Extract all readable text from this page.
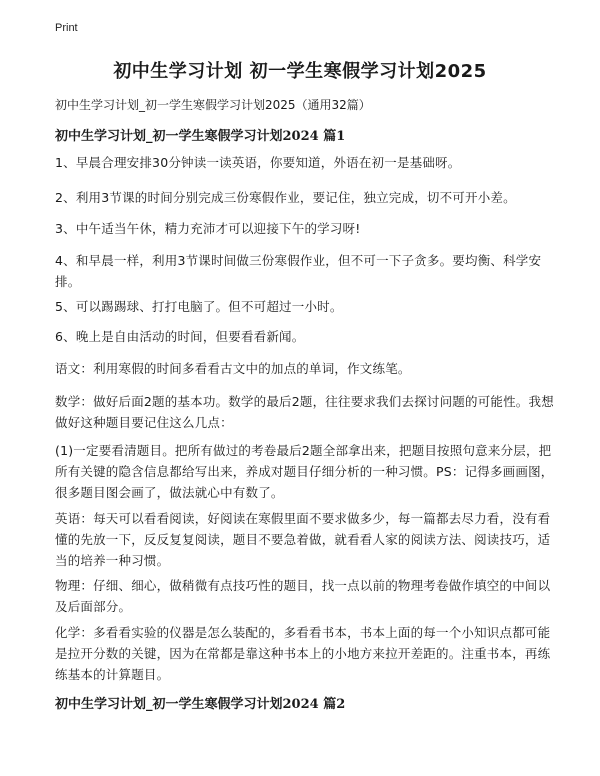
Print
初中生学习计划 初一学生寒假学习计划2025
初中生学习计划_初一学生寒假学习计划2025（通用32篇）
初中生学习计划_初一学生寒假学习计划2024 篇1

1、早晨合理安排30分钟读一读英语，你要知道，外语在初一是基础呀。

2、利用3节课的时间分别完成三份寒假作业，要记住，独立完成，切不可开小差。

3、中午适当午休，精力充沛才可以迎接下午的学习呀!

4、和早晨一样，利用3节课时间做三份寒假作业，但不可一下子贪多。要均衡、科学安排。

5、可以踢踢球、打打电脑了。但不可超过一小时。

6、晚上是自由活动的时间，但要看看新闻。

语文：利用寒假的时间多看看古文中的加点的单词，作文练笔。

数学：做好后面2题的基本功。数学的最后2题，往往要求我们去探讨问题的可能性。我想做好这种题目要记住这么几点：

(1)一定要看清题目。把所有做过的考卷最后2题全部拿出来，把题目按照句意来分层，把所有关键的隐含信息都给写出来，养成对题目仔细分析的一种习惯。PS：记得多画画图，很多题目图会画了，做法就心中有数了。

英语：每天可以看看阅读，好阅读在寒假里面不要求做多少，每一篇都去尽力看，没有看懂的先放一下，反反复复阅读，题目不要急着做，就看看人家的阅读方法、阅读技巧，适当的培养一种习惯。

物理：仔细、细心，做稍微有点技巧性的题目，找一点以前的物理考卷做作填空的中间以及后面部分。

化学：多看看实验的仪器是怎么装配的，多看看书本，书本上面的每一个小知识点都可能是拉开分数的关键，因为在常都是靠这种书本上的小地方来拉开差距的。注重书本，再练练基本的计算题目。

初中生学习计划_初一学生寒假学习计划2024 篇2
